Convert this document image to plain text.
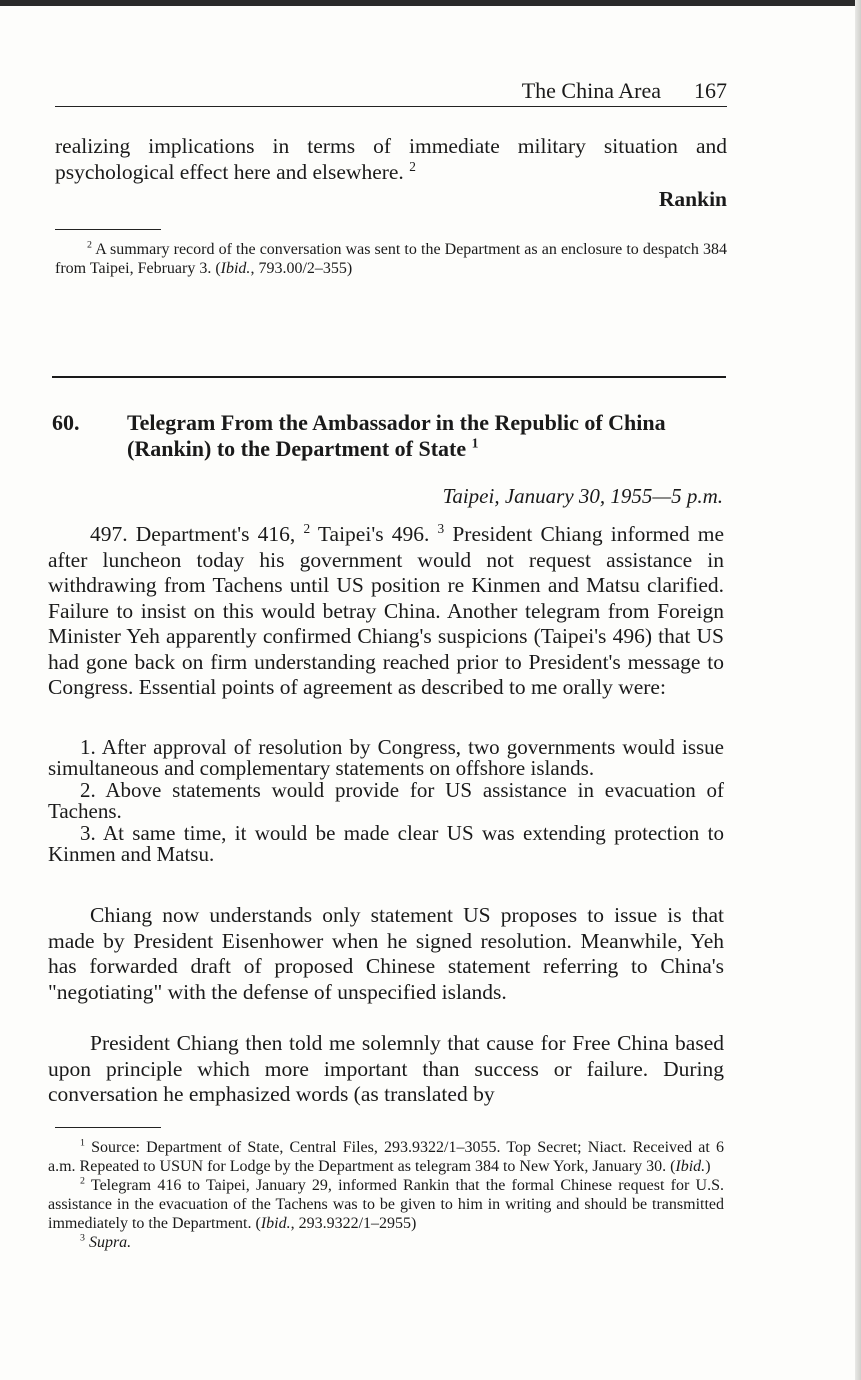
The China Area 167

realizing implications in terms of immediate military situation and psychological effect here and elsewhere. $^2$

Rankin

$^2$ A summary record of the conversation was sent to the Department as an enclosure to despatch 384 from Taipei, February 3. (Ibid., 793.00/2–355)

60. Telegram From the Ambassador in the Republic of China (Rankin) to the Department of State $^1$
Taipei, January 30, 1955—5 p.m.

497. Department's 416, $^2$ Taipei's 496. $^3$ President Chiang informed me after luncheon today his government would not request assistance in withdrawing from Tachens until US position re Kinmen and Matsu clarified. Failure to insist on this would betray China. Another telegram from Foreign Minister Yeh apparently confirmed Chiang's suspicions (Taipei's 496) that US had gone back on firm understanding reached prior to President's message to Congress. Essential points of agreement as described to me orally were:

1. After approval of resolution by Congress, two governments would issue simultaneous and complementary statements on offshore islands.

2. Above statements would provide for US assistance in evacuation of Tachens.

3. At same time, it would be made clear US was extending protection to Kinmen and Matsu.

Chiang now understands only statement US proposes to issue is that made by President Eisenhower when he signed resolution. Meanwhile, Yeh has forwarded draft of proposed Chinese statement referring to China's "negotiating" with the defense of unspecified islands.

President Chiang then told me solemnly that cause for Free China based upon principle which more important than success or failure. During conversation he emphasized words (as translated by

$^1$ Source: Department of State, Central Files, 293.9322/1–3055. Top Secret; Niact. Received at 6 a.m. Repeated to USUN for Lodge by the Department as telegram 384 to New York, January 30. (Ibid.)

$^2$ Telegram 416 to Taipei, January 29, informed Rankin that the formal Chinese request for U.S. assistance in the evacuation of the Tachens was to be given to him in writing and should be transmitted immediately to the Department. (Ibid., 293.9322/1–2955)

$^3$ Supra.
